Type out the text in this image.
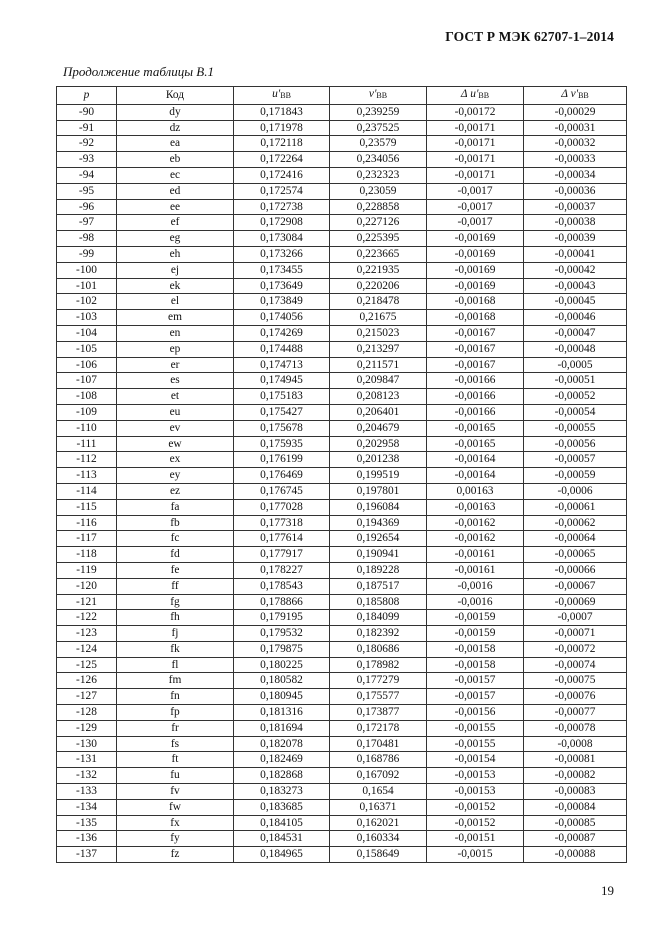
ГОСТ Р МЭК 62707-1–2014
Продолжение таблицы В.1
p	Код	$u'_{BB}$	$v'_{BB}$	Δ $u'_{BB}$	Δ $v'_{BB}$
-90	dy	0,171843	0,239259	-0,00172	-0,00029
-91	dz	0,171978	0,237525	-0,00171	-0,00031
-92	ea	0,172118	0,23579	-0,00171	-0,00032
-93	eb	0,172264	0,234056	-0,00171	-0,00033
-94	ec	0,172416	0,232323	-0,00171	-0,00034
-95	ed	0,172574	0,23059	-0,0017	-0,00036
-96	ee	0,172738	0,228858	-0,0017	-0,00037
-97	ef	0,172908	0,227126	-0,0017	-0,00038
-98	eg	0,173084	0,225395	-0,00169	-0,00039
-99	eh	0,173266	0,223665	-0,00169	-0,00041
-100	ej	0,173455	0,221935	-0,00169	-0,00042
-101	ek	0,173649	0,220206	-0,00169	-0,00043
-102	el	0,173849	0,218478	-0,00168	-0,00045
-103	em	0,174056	0,21675	-0,00168	-0,00046
-104	en	0,174269	0,215023	-0,00167	-0,00047
-105	ep	0,174488	0,213297	-0,00167	-0,00048
-106	er	0,174713	0,211571	-0,00167	-0,0005
-107	es	0,174945	0,209847	-0,00166	-0,00051
-108	et	0,175183	0,208123	-0,00166	-0,00052
-109	eu	0,175427	0,206401	-0,00166	-0,00054
-110	ev	0,175678	0,204679	-0,00165	-0,00055
-111	ew	0,175935	0,202958	-0,00165	-0,00056
-112	ex	0,176199	0,201238	-0,00164	-0,00057
-113	ey	0,176469	0,199519	-0,00164	-0,00059
-114	ez	0,176745	0,197801	0,00163	-0,0006
-115	fa	0,177028	0,196084	-0,00163	-0,00061
-116	fb	0,177318	0,194369	-0,00162	-0,00062
-117	fc	0,177614	0,192654	-0,00162	-0,00064
-118	fd	0,177917	0,190941	-0,00161	-0,00065
-119	fe	0,178227	0,189228	-0,00161	-0,00066
-120	ff	0,178543	0,187517	-0,0016	-0,00067
-121	fg	0,178866	0,185808	-0,0016	-0,00069
-122	fh	0,179195	0,184099	-0,00159	-0,0007
-123	fj	0,179532	0,182392	-0,00159	-0,00071
-124	fk	0,179875	0,180686	-0,00158	-0,00072
-125	fl	0,180225	0,178982	-0,00158	-0,00074
-126	fm	0,180582	0,177279	-0,00157	-0,00075
-127	fn	0,180945	0,175577	-0,00157	-0,00076
-128	fp	0,181316	0,173877	-0,00156	-0,00077
-129	fr	0,181694	0,172178	-0,00155	-0,00078
-130	fs	0,182078	0,170481	-0,00155	-0,0008
-131	ft	0,182469	0,168786	-0,00154	-0,00081
-132	fu	0,182868	0,167092	-0,00153	-0,00082
-133	fv	0,183273	0,1654	-0,00153	-0,00083
-134	fw	0,183685	0,16371	-0,00152	-0,00084
-135	fx	0,184105	0,162021	-0,00152	-0,00085
-136	fy	0,184531	0,160334	-0,00151	-0,00087
-137	fz	0,184965	0,158649	-0,0015	-0,00088
19
